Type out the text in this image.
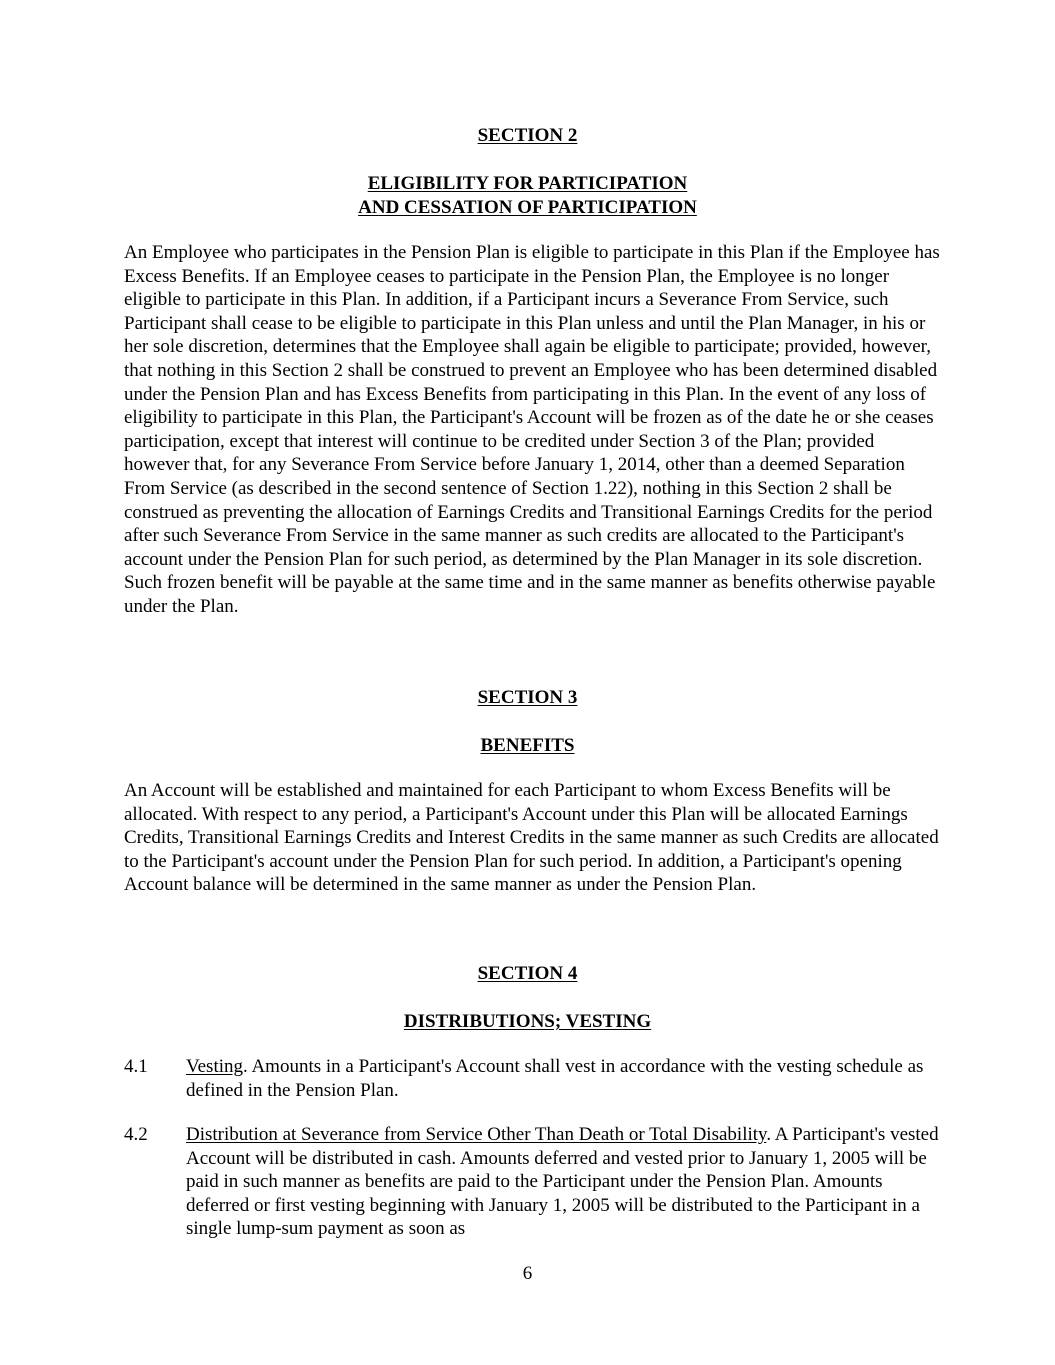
SECTION 2
ELIGIBILITY FOR PARTICIPATION
AND CESSATION OF PARTICIPATION

An Employee who participates in the Pension Plan is eligible to participate in this Plan if the Employee has Excess Benefits. If an Employee ceases to participate in the Pension Plan, the Employee is no longer eligible to participate in this Plan. In addition, if a Participant incurs a Severance From Service, such Participant shall cease to be eligible to participate in this Plan unless and until the Plan Manager, in his or her sole discretion, determines that the Employee shall again be eligible to participate; provided, however, that nothing in this Section 2 shall be construed to prevent an Employee who has been determined disabled under the Pension Plan and has Excess Benefits from participating in this Plan. In the event of any loss of eligibility to participate in this Plan, the Participant's Account will be frozen as of the date he or she ceases participation, except that interest will continue to be credited under Section 3 of the Plan; provided however that, for any Severance From Service before January 1, 2014, other than a deemed Separation From Service (as described in the second sentence of Section 1.22), nothing in this Section 2 shall be construed as preventing the allocation of Earnings Credits and Transitional Earnings Credits for the period after such Severance From Service in the same manner as such credits are allocated to the Participant's account under the Pension Plan for such period, as determined by the Plan Manager in its sole discretion. Such frozen benefit will be payable at the same time and in the same manner as benefits otherwise payable under the Plan.

SECTION 3
BENEFITS

An Account will be established and maintained for each Participant to whom Excess Benefits will be allocated. With respect to any period, a Participant's Account under this Plan will be allocated Earnings Credits, Transitional Earnings Credits and Interest Credits in the same manner as such Credits are allocated to the Participant's account under the Pension Plan for such period. In addition, a Participant's opening Account balance will be determined in the same manner as under the Pension Plan.

SECTION 4
DISTRIBUTIONS; VESTING
4.1	Vesting. Amounts in a Participant's Account shall vest in accordance with the vesting schedule as defined in the Pension Plan.
4.2	Distribution at Severance from Service Other Than Death or Total Disability. A Participant's vested Account will be distributed in cash. Amounts deferred and vested prior to January 1, 2005 will be paid in such manner as benefits are paid to the Participant under the Pension Plan. Amounts deferred or first vesting beginning with January 1, 2005 will be distributed to the Participant in a single lump-sum payment as soon as
6
